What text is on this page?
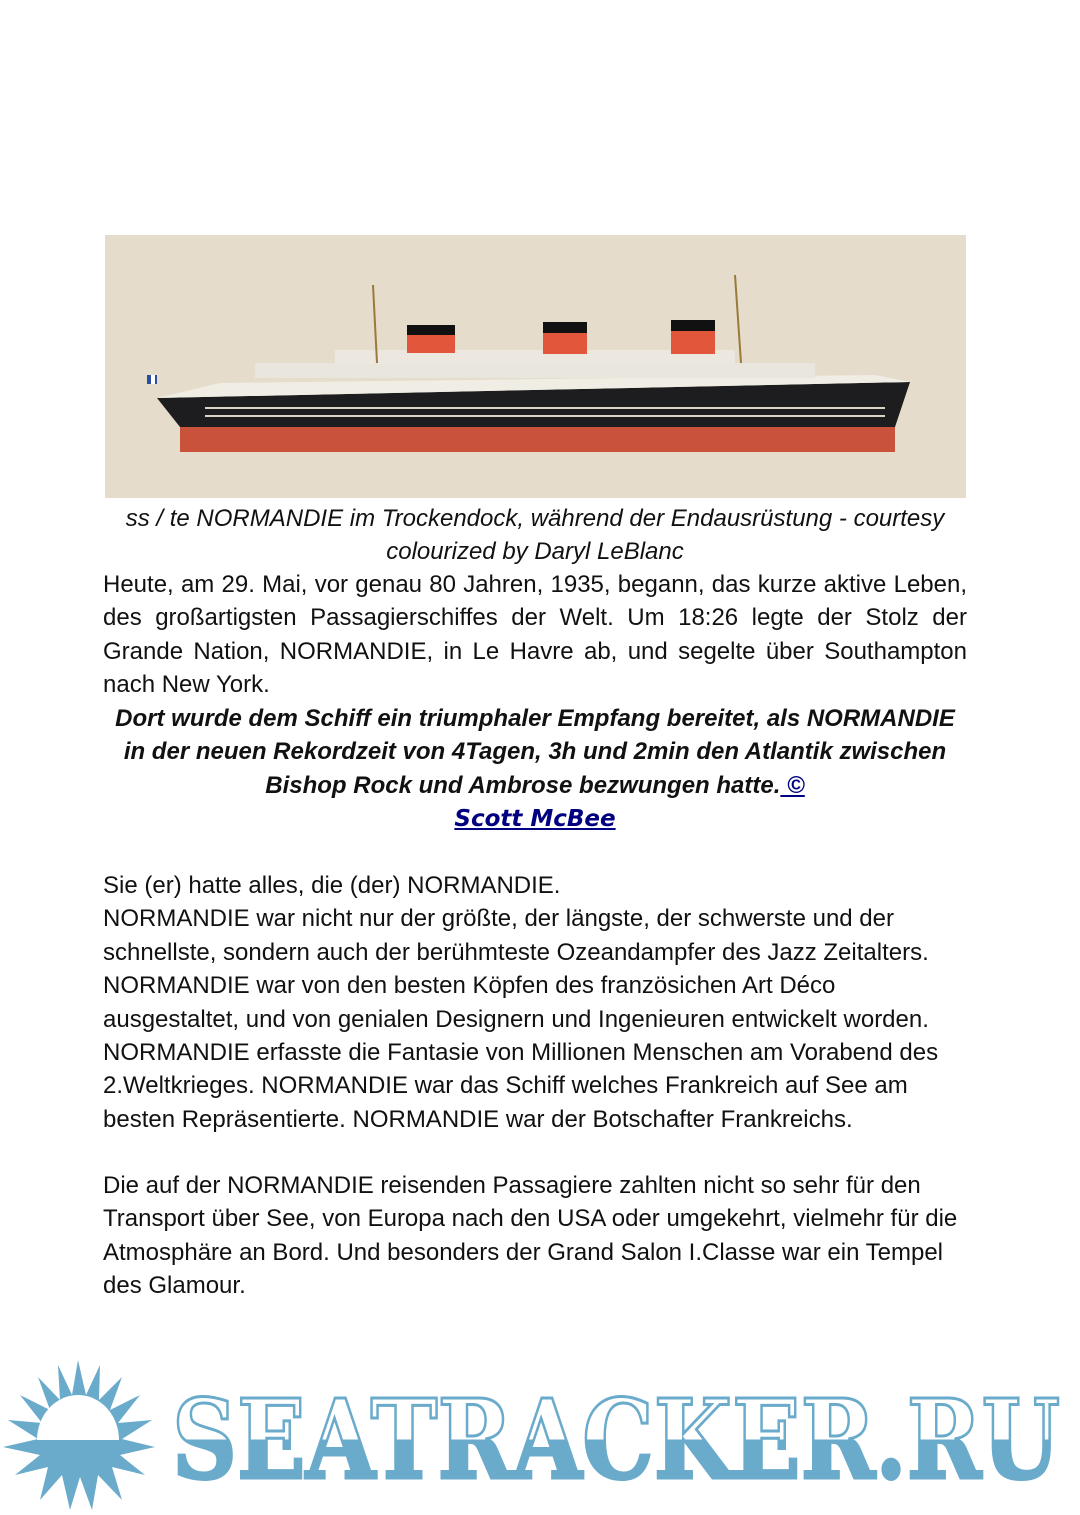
ss / te NORMANDIE im Trockendock, während der Endausrüstung - courtesy
colourized by Daryl LeBlanc
Heute, am 29. Mai, vor genau 80 Jahren, 1935, begann, das kurze aktive Leben, des großartigsten Passagierschiffes der Welt. Um 18:26 legte der Stolz der Grande Nation, NORMANDIE, in Le Havre ab, und segelte über Southampton nach New York.
Dort wurde dem Schiff ein triumphaler Empfang bereitet, als NORMANDIE in der neuen Rekordzeit von 4Tagen, 3h und 2min den Atlantik zwischen Bishop Rock und Ambrose bezwungen hatte. ©
Scott McBee
Sie (er) hatte alles, die (der) NORMANDIE.
NORMANDIE war nicht nur der größte, der längste, der schwerste und der schnellste, sondern auch der berühmteste Ozeandampfer des Jazz Zeitalters. NORMANDIE war von den besten Köpfen des französichen Art Déco ausgestaltet, und von genialen Designern und Ingenieuren entwickelt worden. NORMANDIE erfasste die Fantasie von Millionen Menschen am Vorabend des 2.Weltkrieges. NORMANDIE war das Schiff welches Frankreich auf See am besten Repräsentierte. NORMANDIE war der Botschafter Frankreichs.
Die auf der NORMANDIE reisenden Passagiere zahlten nicht so sehr für den Transport über See, von Europa nach den USA oder umgekehrt, vielmehr für die Atmosphäre an Bord. Und besonders der Grand Salon I.Classe war ein Tempel des Glamour.
SEATRACKER.RU
